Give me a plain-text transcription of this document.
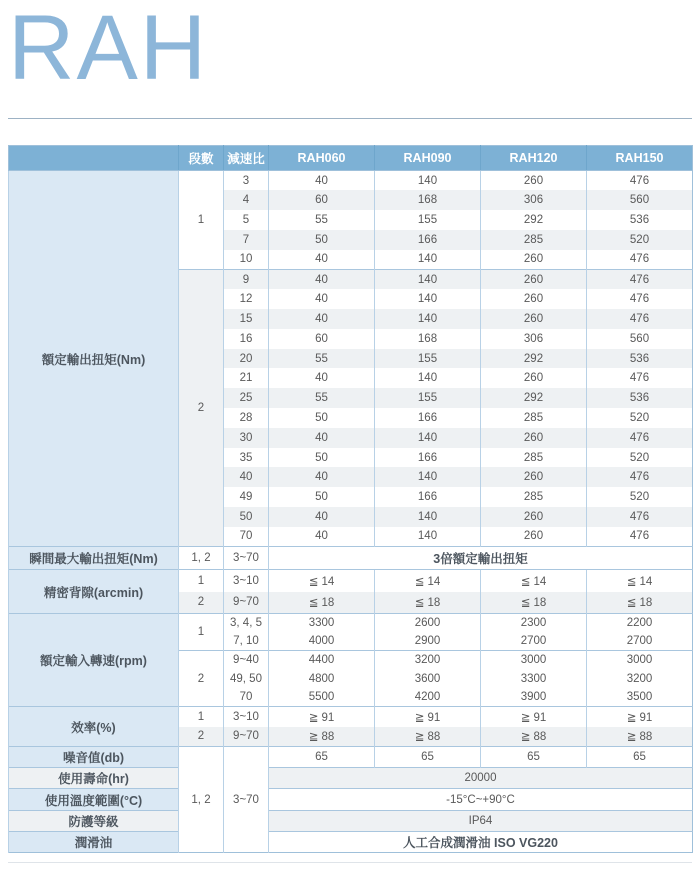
RAH
	段數	減速比	RAH060	RAH090	RAH120	RAH150
額定輸出扭矩(Nm)	1	3	40	140	260	476
		4	60	168	306	560
		5	55	155	292	536
		7	50	166	285	520
		10	40	140	260	476
	2	9	40	140	260	476
		12	40	140	260	476
		15	40	140	260	476
		16	60	168	306	560
		20	55	155	292	536
		21	40	140	260	476
		25	55	155	292	536
		28	50	166	285	520
		30	40	140	260	476
		35	50	166	285	520
		40	40	140	260	476
		49	50	166	285	520
		50	40	140	260	476
		70	40	140	260	476
瞬間最大輸出扭矩(Nm)	1, 2	3~70	3倍額定輸出扭矩			
精密背隙(arcmin)	1	3~10	≦ 14	≦ 14	≦ 14	≦ 14
	2	9~70	≦ 18	≦ 18	≦ 18	≦ 18
額定輸入轉速(rpm)	1	3, 4, 5	3300	2600	2300	2200
		7, 10	4000	2900	2700	2700
	2	9~40	4400	3200	3000	3000
		49, 50	4800	3600	3300	3200
		70	5500	4200	3900	3500
效率(%)	1	3~10	≧ 91	≧ 91	≧ 91	≧ 91
	2	9~70	≧ 88	≧ 88	≧ 88	≧ 88
噪音值(db)	1, 2	3~70	65	65	65	65
使用壽命(hr)			20000			
使用溫度範圍(°C)			-15°C~+90°C			
防護等級			IP64			
潤滑油			人工合成潤滑油 ISO VG220			
